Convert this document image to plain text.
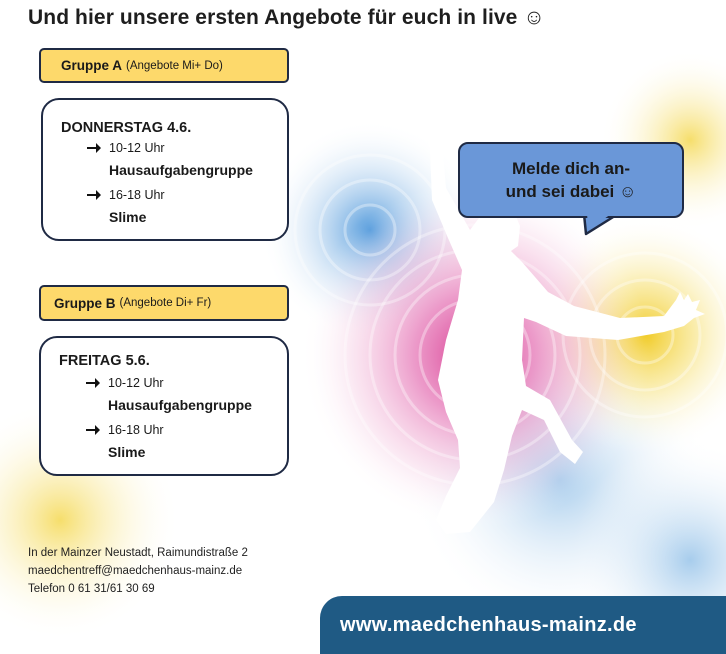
Und hier unsere ersten Angebote für euch in live ☺
Gruppe A (Angebote Mi+ Do)
DONNERSTAG 4.6.
10-12 Uhr
Hausaufgabengruppe
16-18 Uhr
Slime
Gruppe B (Angebote Di+ Fr)
FREITAG 5.6.
10-12 Uhr
Hausaufgabengruppe
16-18 Uhr
Slime
Melde dich an-
und sei dabei ☺
In der Mainzer Neustadt, Raimundistraße 2
maedchentreff@maedchenhaus-mainz.de
Telefon 0 61 31/61 30 69
www.maedchenhaus-mainz.de
